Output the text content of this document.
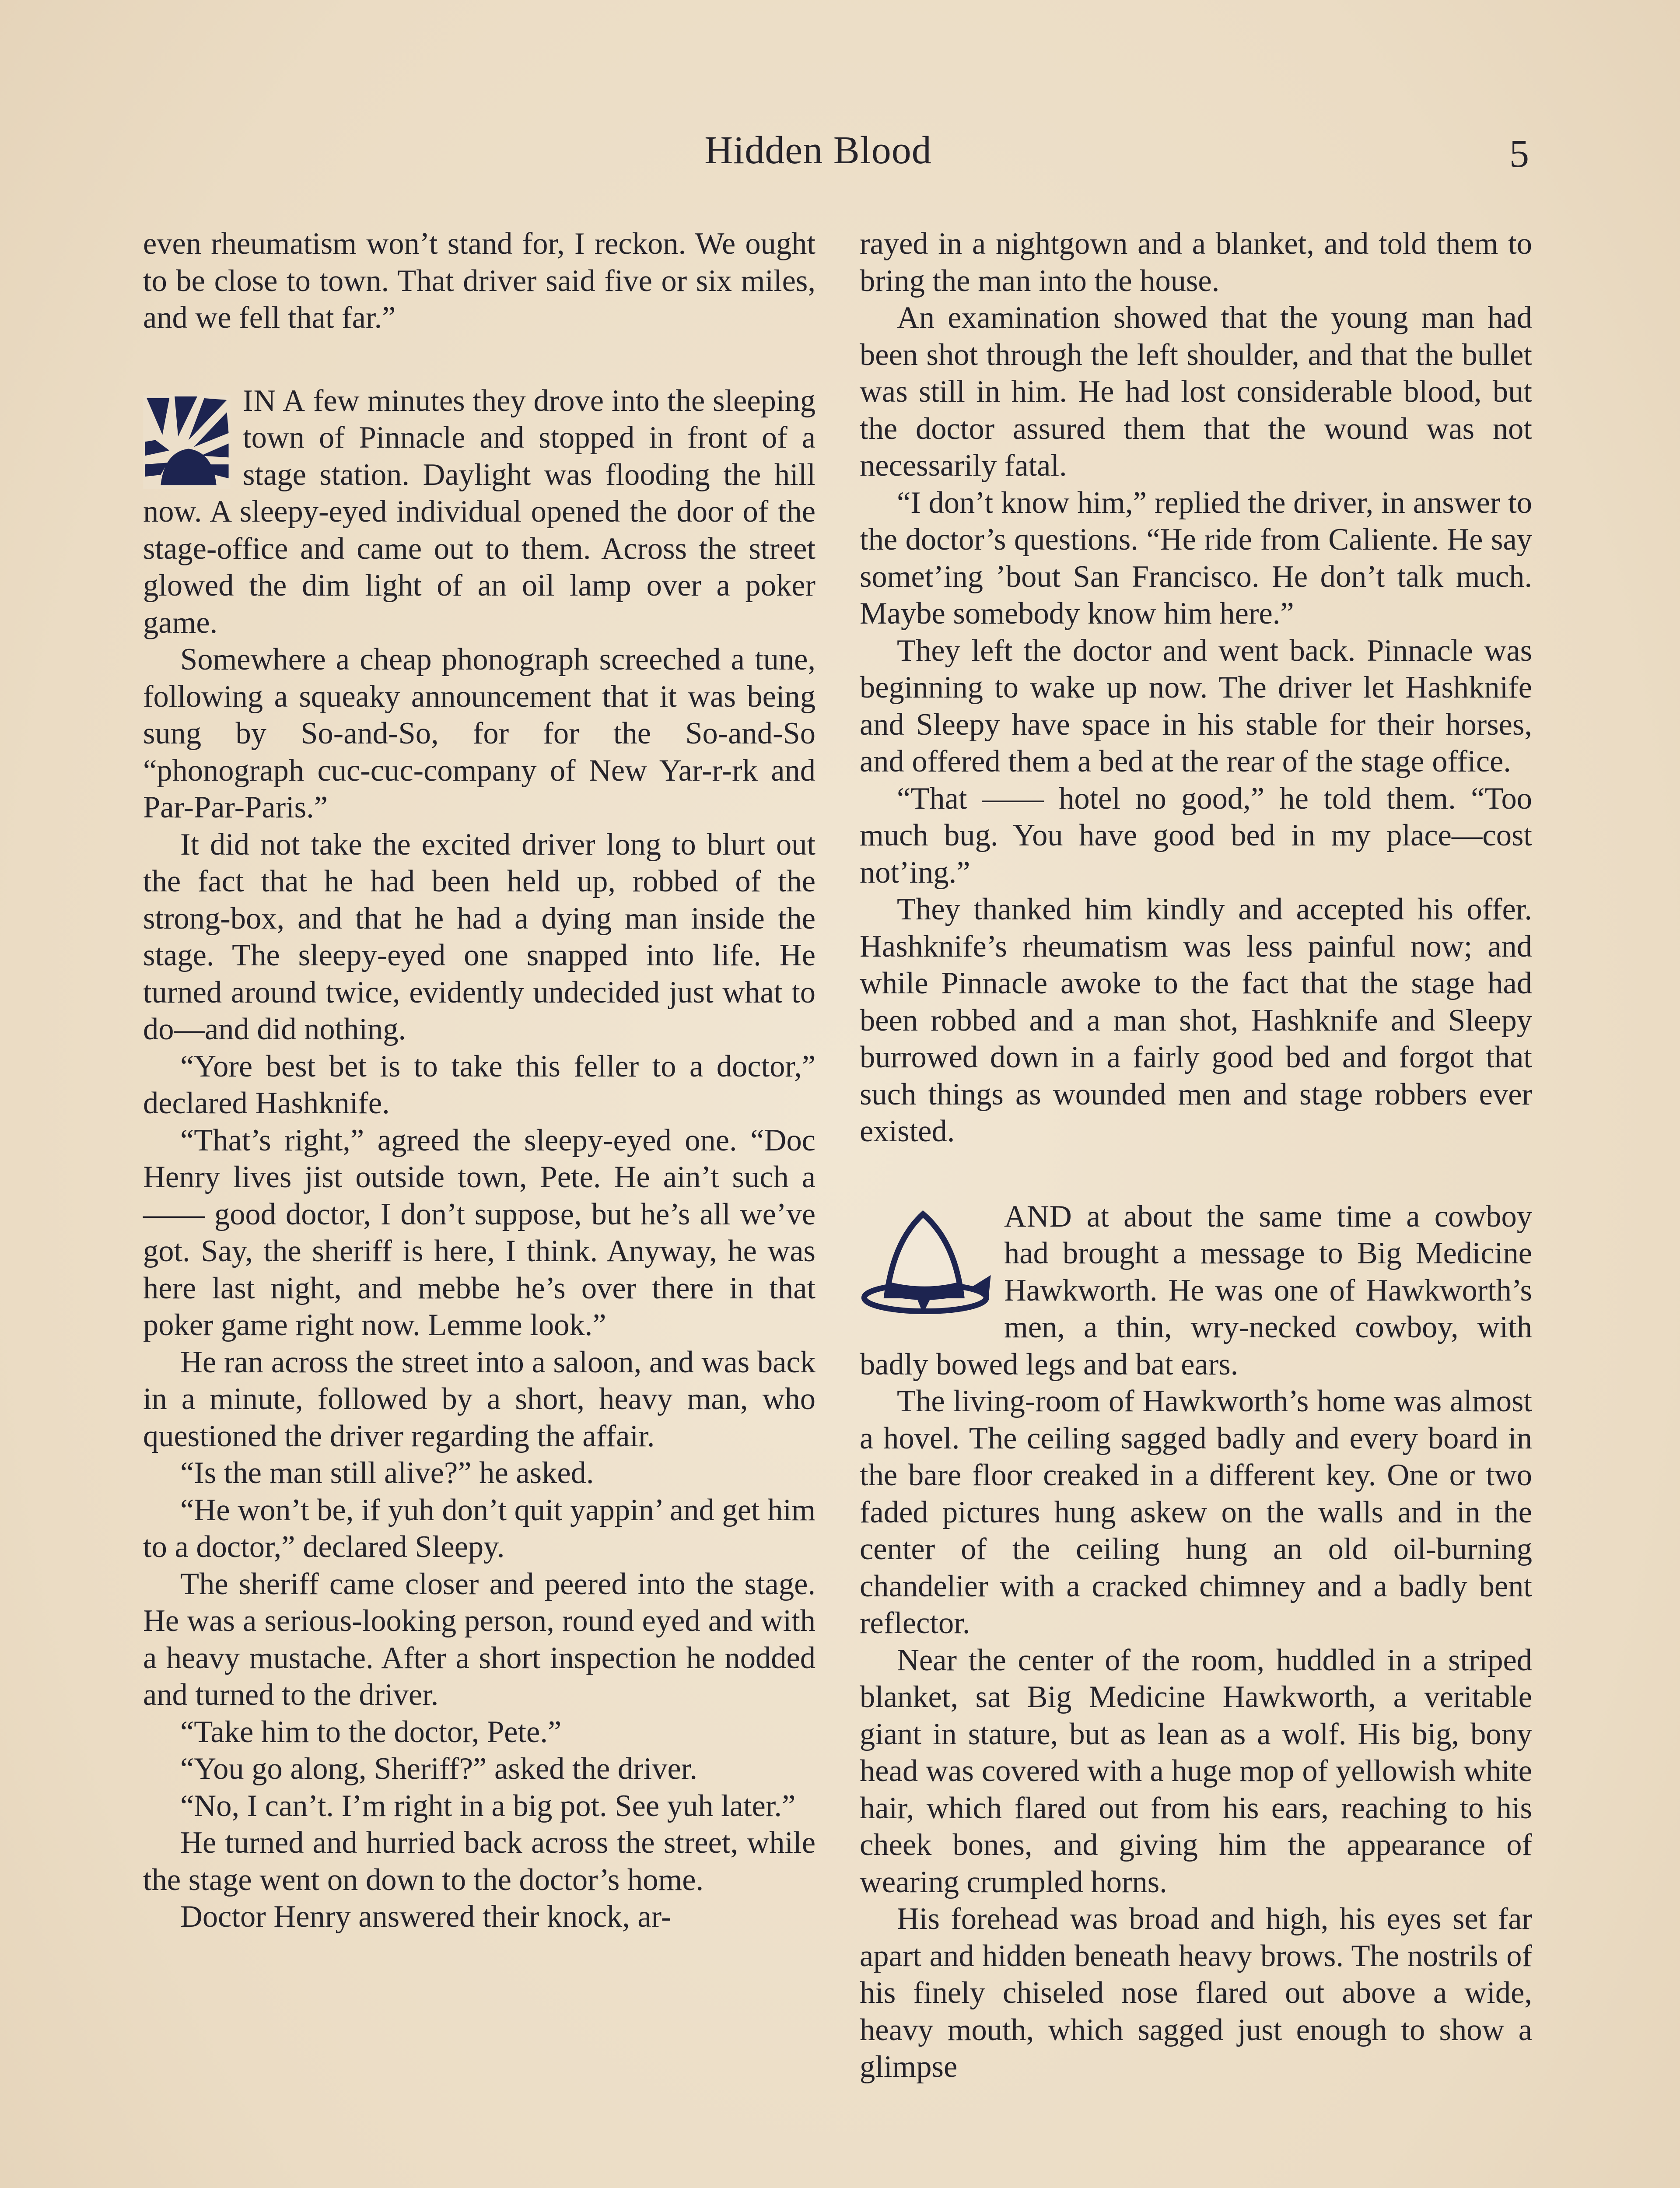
Hidden Blood	5

even rheumatism won’t stand for, I reckon. We ought to be close to town. That driver said five or six miles, and we fell that far.”

IN A few minutes they drove into the sleeping town of Pinnacle and stopped in front of a stage station. Daylight was flooding the hill now. A sleepy-eyed individual opened the door of the stage-office and came out to them. Across the street glowed the dim light of an oil lamp over a poker game.

Somewhere a cheap phonograph screeched a tune, following a squeaky announcement that it was being sung by So-and-So, for for the So-and-So “phonograph cuc-cuc-company of New Yar-r-rk and Par-Par-Paris.”

It did not take the excited driver long to blurt out the fact that he had been held up, robbed of the strong-box, and that he had a dying man inside the stage. The sleepy-eyed one snapped into life. He turned around twice, evidently undecided just what to do—and did nothing.

“Yore best bet is to take this feller to a doctor,” declared Hashknife.

“That’s right,” agreed the sleepy-eyed one. “Doc Henry lives jist outside town, Pete. He ain’t such a —— good doctor, I don’t suppose, but he’s all we’ve got. Say, the sheriff is here, I think. Anyway, he was here last night, and mebbe he’s over there in that poker game right now. Lemme look.”

He ran across the street into a saloon, and was back in a minute, followed by a short, heavy man, who questioned the driver regarding the affair.

“Is the man still alive?” he asked.

“He won’t be, if yuh don’t quit yappin’ and get him to a doctor,” declared Sleepy.

The sheriff came closer and peered into the stage. He was a serious-looking person, round eyed and with a heavy mustache. After a short inspection he nodded and turned to the driver.

“Take him to the doctor, Pete.”

“You go along, Sheriff?” asked the driver.

“No, I can’t. I’m right in a big pot. See yuh later.”

He turned and hurried back across the street, while the stage went on down to the doctor’s home.

Doctor Henry answered their knock, ar-

rayed in a nightgown and a blanket, and told them to bring the man into the house.

An examination showed that the young man had been shot through the left shoulder, and that the bullet was still in him. He had lost considerable blood, but the doctor assured them that the wound was not necessarily fatal.

“I don’t know him,” replied the driver, in answer to the doctor’s questions. “He ride from Caliente. He say somet’ing ’bout San Francisco. He don’t talk much. Maybe somebody know him here.”

They left the doctor and went back. Pinnacle was beginning to wake up now. The driver let Hashknife and Sleepy have space in his stable for their horses, and offered them a bed at the rear of the stage office.

“That —— hotel no good,” he told them. “Too much bug. You have good bed in my place—cost not’ing.”

They thanked him kindly and accepted his offer. Hashknife’s rheumatism was less painful now; and while Pinnacle awoke to the fact that the stage had been robbed and a man shot, Hashknife and Sleepy burrowed down in a fairly good bed and forgot that such things as wounded men and stage robbers ever existed.

AND at about the same time a cowboy had brought a message to Big Medicine Hawkworth. He was one of Hawkworth’s men, a thin, wry-necked cowboy, with badly bowed legs and bat ears.

The living-room of Hawkworth’s home was almost a hovel. The ceiling sagged badly and every board in the bare floor creaked in a different key. One or two faded pictures hung askew on the walls and in the center of the ceiling hung an old oil-burning chandelier with a cracked chimney and a badly bent reflector.

Near the center of the room, huddled in a striped blanket, sat Big Medicine Hawkworth, a veritable giant in stature, but as lean as a wolf. His big, bony head was covered with a huge mop of yellowish white hair, which flared out from his ears, reaching to his cheek bones, and giving him the appearance of wearing crumpled horns.

His forehead was broad and high, his eyes set far apart and hidden beneath heavy brows. The nostrils of his finely chiseled nose flared out above a wide, heavy mouth, which sagged just enough to show a glimpse
